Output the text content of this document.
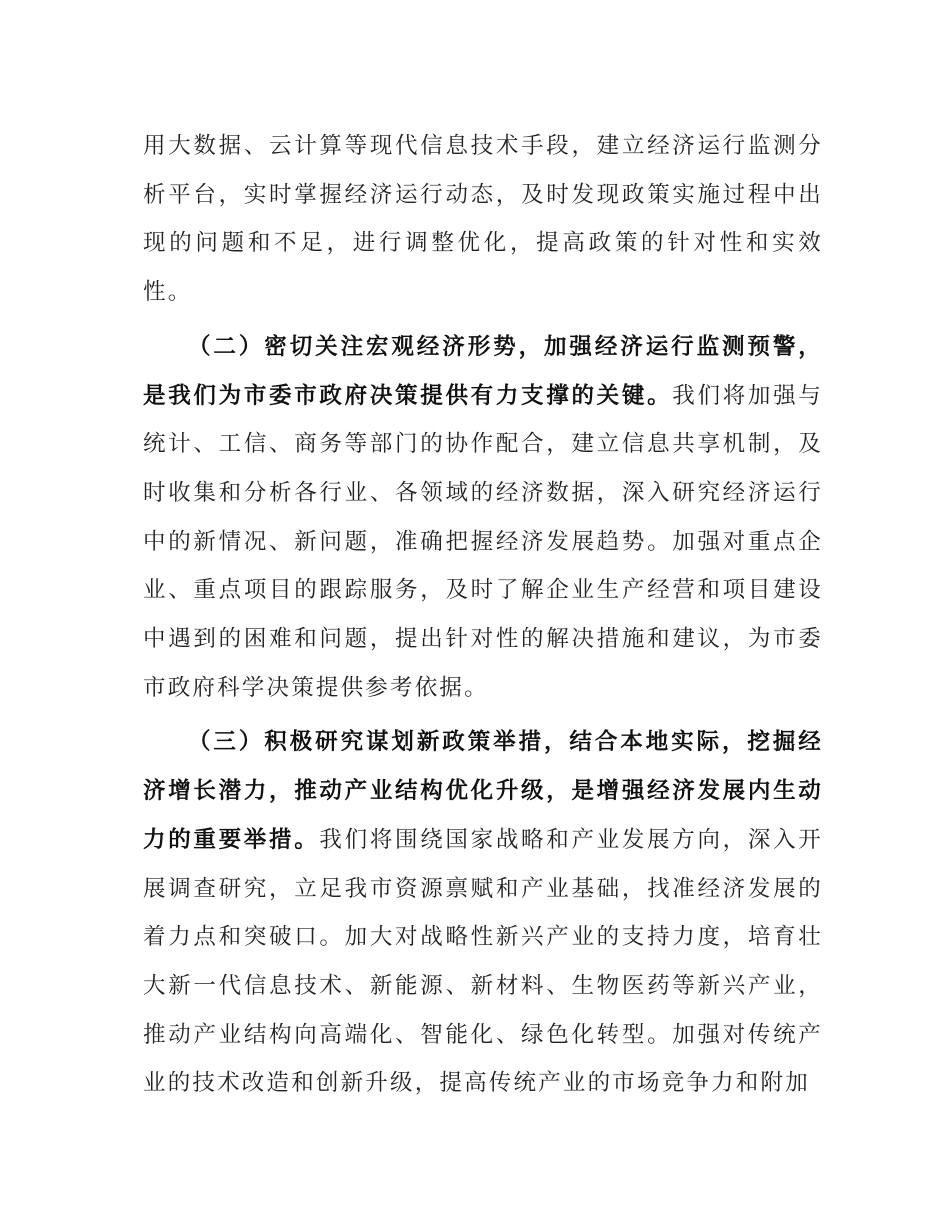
用大数据、云计算等现代信息技术手段，建立经济运行监测分析平台，实时掌握经济运行动态，及时发现政策实施过程中出现的问题和不足，进行调整优化，提高政策的针对性和实效性。

（二）密切关注宏观经济形势，加强经济运行监测预警，是我们为市委市政府决策提供有力支撑的关键。我们将加强与统计、工信、商务等部门的协作配合，建立信息共享机制，及时收集和分析各行业、各领域的经济数据，深入研究经济运行中的新情况、新问题，准确把握经济发展趋势。加强对重点企业、重点项目的跟踪服务，及时了解企业生产经营和项目建设中遇到的困难和问题，提出针对性的解决措施和建议，为市委市政府科学决策提供参考依据。

（三）积极研究谋划新政策举措，结合本地实际，挖掘经济增长潜力，推动产业结构优化升级，是增强经济发展内生动力的重要举措。我们将围绕国家战略和产业发展方向，深入开展调查研究，立足我市资源禀赋和产业基础，找准经济发展的着力点和突破口。加大对战略性新兴产业的支持力度，培育壮大新一代信息技术、新能源、新材料、生物医药等新兴产业，推动产业结构向高端化、智能化、绿色化转型。加强对传统产业的技术改造和创新升级，提高传统产业的市场竞争力和附加
